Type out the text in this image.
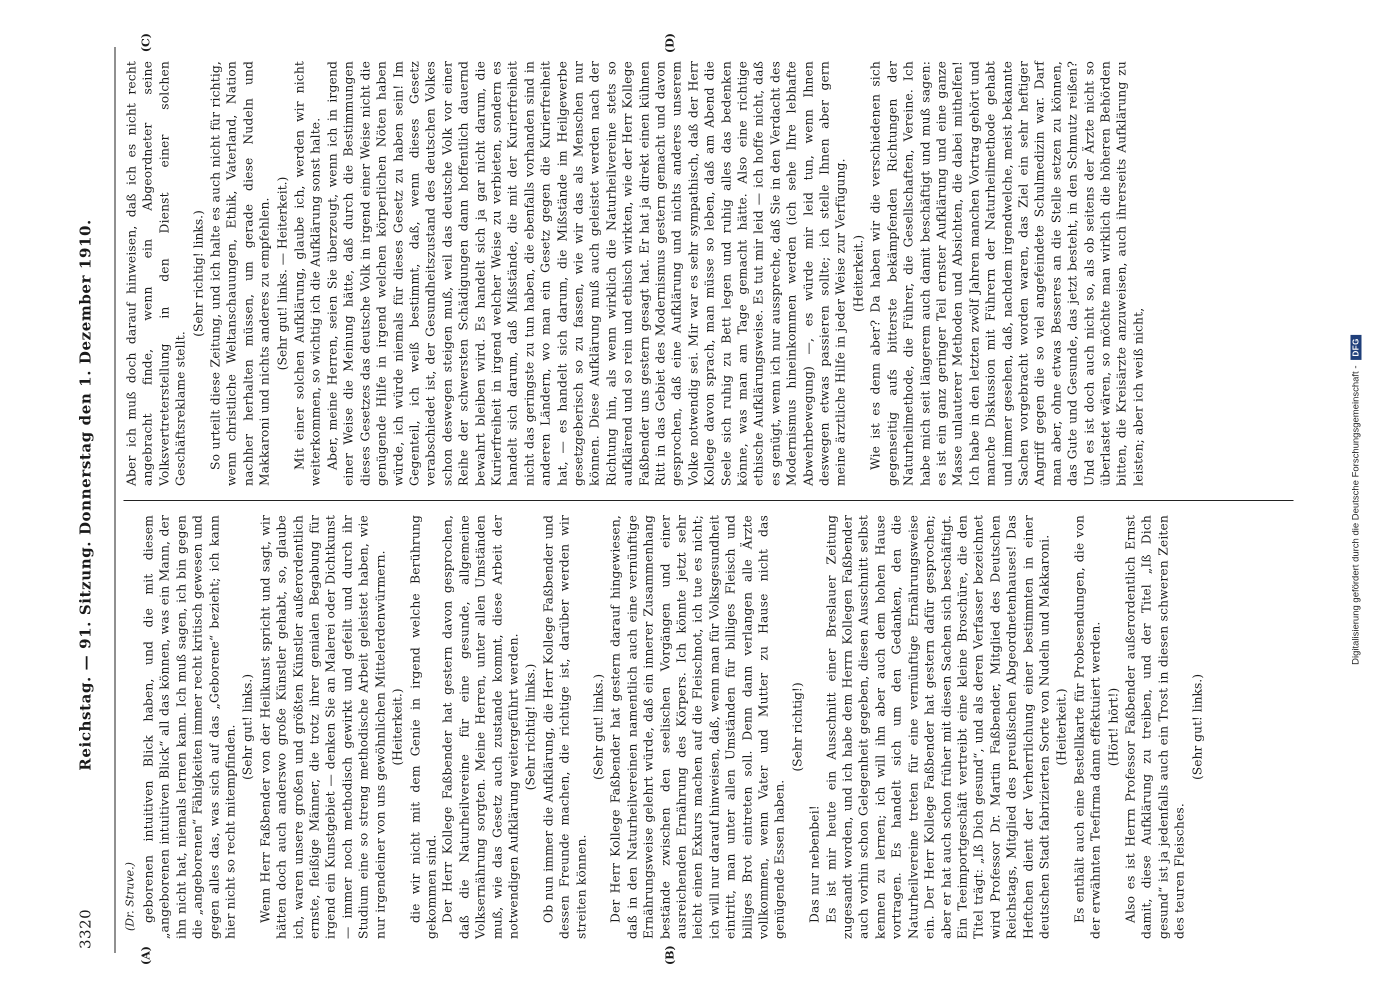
3320
Reichstag. — 91. Sitzung. Donnerstag den 1. Dezember 1910.
(A)	(B)
(Dr. Struve.) geborenen intuitiven Blick haben, und die mit diesem „angeborenen intuitiven Blick“ all das können, was ein Mann, der ihn nicht hat, niemals lernen kann. Ich muß sagen, ich bin gegen die „angeborenen“ Fähigkeiten immer recht kritisch gewesen und gegen alles das, was sich auf das „Geborene“ bezieht; ich kann hier nicht so recht mitempfinden. (Sehr gut! links.) Wenn Herr Faßbender von der Heilkunst spricht und sagt, wir hätten doch auch anderswo große Künstler gehabt, so, glaube ich, waren unsere großen und größten Künstler außerordentlich ernste, fleißige Männer, die trotz ihrer genialen Begabung für irgend ein Kunstgebiet — denken Sie an Malerei oder Dichtkunst — immer noch methodisch gewirkt und gefeilt und durch ihr Studium eine so streng methodische Arbeit geleistet haben, wie nur irgendeiner von uns gewöhnlichen Mittelerdenwürmern. (Heiterkeit.) die wir nicht mit dem Genie in irgend welche Berührung gekommen sind. Der Herr Kollege Faßbender hat gestern davon gesprochen, daß die Naturheilvereine für eine gesunde, allgemeine Volksernährung sorgten. Meine Herren, unter allen Umständen muß, wie das Gesetz auch zustande kommt, diese Arbeit der notwendigen Aufklärung weitergeführt werden. (Sehr richtig! links.) Ob nun immer die Aufklärung, die Herr Kollege Faßbender und dessen Freunde machen, die richtige ist, darüber werden wir streiten können.

(Sehr gut! links.) Der Herr Kollege Faßbender hat gestern darauf hingewiesen, daß in den Naturheilvereinen namentlich auch eine vernünftige Ernährungsweise gelehrt würde, daß ein innerer Zusammenhang bestände zwischen den seelischen Vorgängen und einer ausreichenden Ernährung des Körpers. Ich könnte jetzt sehr leicht einen Exkurs machen auf die Fleischnot, ich tue es nicht; ich will nur darauf hinweisen, daß, wenn man für Volksgesundheit eintritt, man unter allen Umständen für billiges Fleisch und billiges Brot eintreten soll. Denn dann verlangen alle Ärzte vollkommen, wenn Vater und Mutter zu Hause nicht das genügende Essen haben.

(Sehr richtig!)

Das nur nebenbei! Es ist mir heute ein Ausschnitt einer Breslauer Zeitung zugesandt worden, und ich habe dem Herrn Kollegen Faßbender auch vorhin schon Gelegenheit gegeben, diesen Ausschnitt selbst kennen zu lernen; ich will ihn aber auch dem hohen Hause vortragen. Es handelt sich um den Gedanken, den die Naturheilvereine treten für eine vernünftige Ernährungsweise ein. Der Herr Kollege Faßbender hat gestern dafür gesprochen; aber er hat auch schon früher mit diesen Sachen sich beschäftigt. Ein Teeimportgeschäft vertreibt eine kleine Broschüre, die den Titel trägt: „Iß Dich gesund“, und als deren Verfasser bezeichnet wird Professor Dr. Martin Faßbender, Mitglied des Deutschen Reichstags, Mitglied des preußischen Abgeordnetenhauses! Das Heftchen dient der Verherrlichung einer bestimmten in einer deutschen Stadt fabrizierten Sorte von Nudeln und Makkaroni. (Heiterkeit.) Es enthält auch eine Bestellkarte für Probesendungen, die von der erwähnten Teefirma dann effektuiert werden. (Hört! hört!) Also es ist Herrn Professor Faßbender außerordentlich Ernst damit, diese Aufklärung zu treiben, und der Titel „Iß Dich gesund“ ist ja jedenfalls auch ein Trost in diesen schweren Zeiten des teuren Fleisches.

(Sehr gut! links.)
(C)	(D)

Aber ich muß doch darauf hinweisen, daß ich es nicht recht angebracht finde, wenn ein Abgeordneter seine Volksvertreterstellung in den Dienst einer solchen Geschäftsreklame stellt.

(Sehr richtig! links.) So urteilt diese Zeitung, und ich halte es auch nicht für richtig, wenn christliche Weltanschauungen, Ethik, Vaterland, Nation nachher herhalten müssen, um gerade diese Nudeln und Makkaroni und nichts anderes zu empfehlen. (Sehr gut! links. — Heiterkeit.) Mit einer solchen Aufklärung, glaube ich, werden wir nicht weiterkommen, so wichtig ich die Aufklärung sonst halte. Aber, meine Herren, seien Sie überzeugt, wenn ich in irgend einer Weise die Meinung hätte, daß durch die Bestimmungen dieses Gesetzes das deutsche Volk in irgend einer Weise nicht die genügende Hilfe in irgend welchen körperlichen Nöten haben würde, ich würde niemals für dieses Gesetz zu haben sein! Im Gegenteil, ich weiß bestimmt, daß, wenn dieses Gesetz verabschiedet ist, der Gesundheitszustand des deutschen Volkes schon deswegen steigen muß, weil das deutsche Volk vor einer Reihe der schwersten Schädigungen dann hoffentlich dauernd bewahrt bleiben wird. Es handelt sich ja gar nicht darum, die Kurierfreiheit in irgend welcher Weise zu verbieten, sondern es handelt sich darum, daß Mißstände, die mit der Kurierfreiheit nicht das geringste zu tun haben, die ebenfalls vorhanden sind in anderen Ländern, wo man ein Gesetz gegen die Kurierfreiheit hat, — es handelt sich darum, die Mißstände im Heilgewerbe gesetzgeberisch so zu fassen, wie wir das als Menschen nur können. Diese Aufklärung muß auch geleistet werden nach der Richtung hin, als wenn wirklich die Naturheilvereine stets so aufklärend und so rein und ethisch wirkten, wie der Herr Kollege Faßbender uns gestern gesagt hat. Er hat ja direkt einen kühnen Ritt in das Gebiet des Modernismus gestern gemacht und davon gesprochen, daß eine Aufklärung und nichts anderes unserem Volke notwendig sei. Mir war es sehr sympathisch, daß der Herr Kollege davon sprach, man müsse so leben, daß am Abend die Seele sich ruhig zu Bett legen und ruhig alles das bedenken könne, was man am Tage gemacht hätte. Also eine richtige ethische Aufklärungsweise. Es tut mir leid — ich hoffe nicht, daß es genügt, wenn ich nur ausspreche, daß Sie in den Verdacht des Modernismus hineinkommen werden (ich sehe Ihre lebhafte Abwehrbewegung) —, es würde mir leid tun, wenn Ihnen deswegen etwas passieren sollte; ich stelle Ihnen aber gern meine ärztliche Hilfe in jeder Weise zur Verfügung. (Heiterkeit.) Wie ist es denn aber? Da haben wir die verschiedenen sich gegenseitig aufs bitterste bekämpfenden Richtungen der Naturheilmethode, die Führer, die Gesellschaften, Vereine. Ich habe mich seit längerem auch damit beschäftigt und muß sagen: es ist ein ganz geringer Teil ernster Aufklärung und eine ganze Masse unlauterer Methoden und Absichten, die dabei mithelfen! Ich habe in den letzten zwölf Jahren manchen Vortrag gehört und manche Diskussion mit Führern der Naturheilmethode gehabt und immer gesehen, daß, nachdem irgendwelche, meist bekannte Sachen vorgebracht worden waren, das Ziel ein sehr heftiger Angriff gegen die so viel angefeindete Schulmedizin war. Darf man aber, ohne etwas Besseres an die Stelle setzen zu können, das Gute und Gesunde, das jetzt besteht, in den Schmutz reißen? Und es ist doch auch nicht so, als ob seitens der Ärzte nicht so überlastet wären, so möchte man wirklich die höheren Behörden bitten, die Kreisärzte anzuweisen, auch ihrerseits Aufklärung zu leisten; aber ich weiß nicht,	Digitalisierung gefördert durch die Deutsche Forschungsgemeinschaft -
DFG
